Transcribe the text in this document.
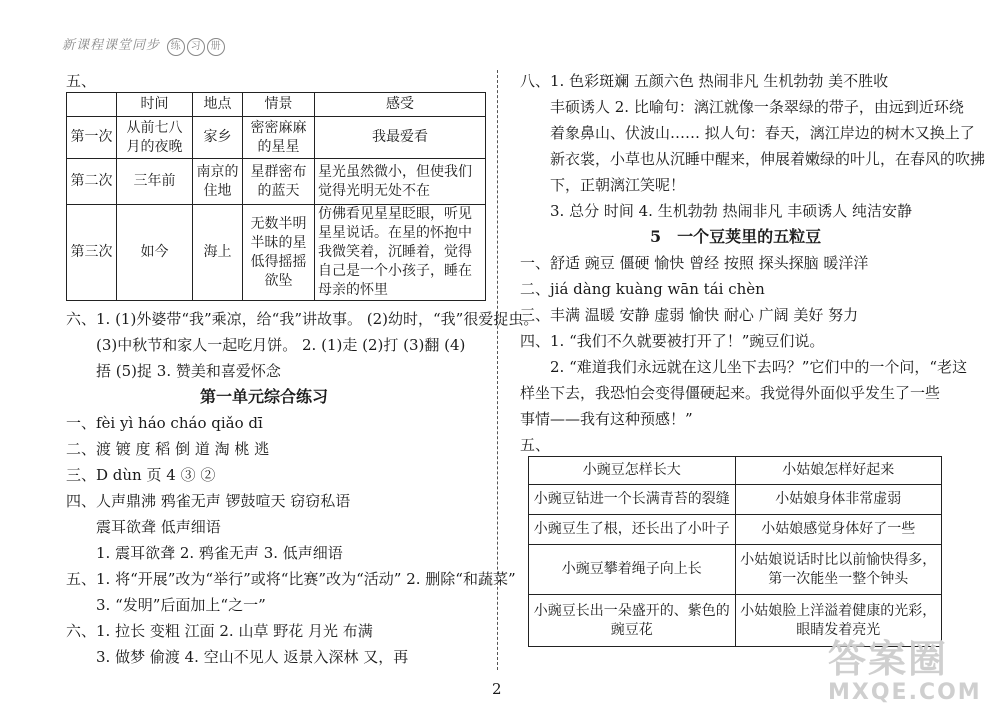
新课程课堂同步 练 习 册
五、
	时间	地点	情景	感受
第一次	从前七八月的夜晚	家乡	密密麻麻的星星	我最爱看
第二次	三年前	南京的住地	星群密布的蓝天	星光虽然微小，但使我们觉得光明无处不在
第三次	如今	海上	无数半明半昧的星低得摇摇欲坠	仿佛看见星星眨眼，听见星星说话。在星的怀抱中我微笑着，沉睡着，觉得自己是一个小孩子，睡在母亲的怀里
六、1. (1)外婆带“我”乘凉，给“我”讲故事。 (2)幼时，“我”很爱捉虫。
(3)中秋节和家人一起吃月饼。 2. (1)走 (2)打 (3)翻 (4)
捂 (5)捉 3. 赞美和喜爱怀念
第一单元综合练习
一、fèi yì háo cháo qiǎo dī
二、渡 镀 度 稻 倒 道 淘 桃 逃
三、D dùn 页 4 ③ ②
四、人声鼎沸 鸦雀无声 锣鼓喧天 窃窃私语
震耳欲聋 低声细语
1. 震耳欲聋 2. 鸦雀无声 3. 低声细语
五、1. 将“开展”改为“举行”或将“比赛”改为“活动” 2. 删除“和蔬菜”
3. “发明”后面加上“之一”
六、1. 拉长 变粗 江面 2. 山草 野花 月光 布满
3. 做梦 偷渡 4. 空山不见人 返景入深林 又，再
八、1. 色彩斑斓 五颜六色 热闹非凡 生机勃勃 美不胜收
丰硕诱人 2. 比喻句：漓江就像一条翠绿的带子，由远到近环绕
着象鼻山、伏波山…… 拟人句：春天，漓江岸边的树木又换上了
新衣裳，小草也从沉睡中醒来，伸展着嫩绿的叶儿，在春风的吹拂
下，正朝漓江笑呢！
3. 总分 时间 4. 生机勃勃 热闹非凡 丰硕诱人 纯洁安静
5　一个豆荚里的五粒豆
一、舒适 豌豆 僵硬 愉快 曾经 按照 探头探脑 暖洋洋
二、jiá dàng kuàng wān tái chèn
三、丰满 温暖 安静 虚弱 愉快 耐心 广阔 美好 努力
四、1. “我们不久就要被打开了！”豌豆们说。
2. “难道我们永远就在这儿坐下去吗？”它们中的一个问，“老这
样坐下去，我恐怕会变得僵硬起来。我觉得外面似乎发生了一些
事情——我有这种预感！”
五、
小豌豆怎样长大	小姑娘怎样好起来
小豌豆钻进一个长满青苔的裂缝	小姑娘身体非常虚弱
小豌豆生了根，还长出了小叶子	小姑娘感觉身体好了一些
小豌豆攀着绳子向上长	小姑娘说话时比以前愉快得多，第一次能坐一整个钟头
小豌豆长出一朵盛开的、紫色的豌豆花	小姑娘脸上洋溢着健康的光彩，眼睛发着亮光
2
答案圈
MXQE.COM
